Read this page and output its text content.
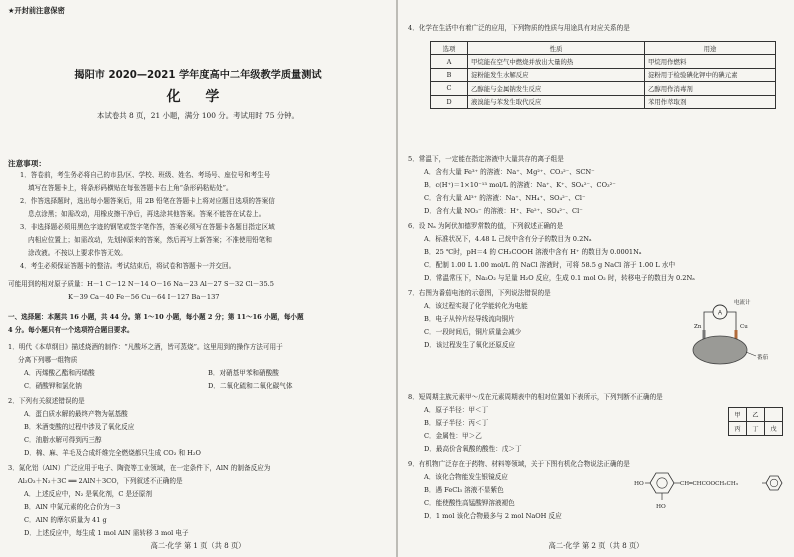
★开封前注意保密
揭阳市 2020—2021 学年度高中二年级教学质量测试
化 学
本试卷共 8 页，21 小题，满分 100 分。考试用时 75 分钟。
注意事项：
1．答卷前，考生务必将自己的市县/区、学校、班级、姓名、考场号、座位号和考生号
填写在答题卡上，将条形码横贴在每张答题卡右上角“条形码粘贴处”。
2．作答选择题时，选出每小题答案后，用 2B 铅笔在答题卡上将对应题目选项的答案信
息点涂黑；如需改动，用橡皮擦干净后，再选涂其他答案。答案不能答在试卷上。
3．非选择题必须用黑色字迹的钢笔或签字笔作答，答案必须写在答题卡各题目指定区域
内相应位置上；如需改动，先划掉原来的答案，然后再写上新答案；不准使用铅笔和
涂改液。不按以上要求作答无效。
4．考生必须保证答题卡的整洁。考试结束后，将试卷和答题卡一并交回。
可能用到的相对原子质量：H－1 C－12 N－14 O－16 Na－23 Al－27 S－32 Cl－35.5
K－39 Ca－40 Fe－56 Cu－64 I－127 Ba－137
一、选择题：本题共 16 小题，共 44 分。第 1～10 小题，每小题 2 分；第 11～16 小题，每小题
4 分。每小题只有一个选项符合题目要求。
1．明代《本草纲目》描述烧酒的制作：“凡酸坏之酒，皆可蒸烧”。这里用到的操作方法可用于
分离下列哪一组物质
A．丙烯酸乙酯和丙烯酸	B．对硝基甲苯和硝酸酸
C．硝酸钾和氯化钠	D．二氧化硫和二氧化碳气体
2．下列有关叙述错误的是
A．蛋白质水解的最终产物为氨基酸
B．米酒变酸的过程中涉及了氧化反应
C．油脂水解可得到丙三醇
D．棉、麻、羊毛及合成纤维完全燃烧都只生成 CO₂ 和 H₂O
3．氮化铝（AlN）广泛应用于电子、陶瓷等工业领域，在一定条件下，AlN 的制备反应为
Al₂O₃＋N₂＋3C ══ 2AlN＋3CO，下列叙述不正确的是
A．上述反应中，N₂ 是氧化剂，C 是还原剂
B．AlN 中氮元素的化合价为－3
C．AlN 的摩尔质量为 41 g
D．上述反应中，每生成 1 mol AlN 需转移 3 mol 电子
高二·化学 第 1 页（共 8 页）
4．化学在生活中有着广泛的应用，下列物质的性质与用途具有对应关系的是
选项	性质	用途
A	甲烷能在空气中燃烧并放出大量的热	甲烷用作燃料
B	淀粉能发生水解反应	淀粉用于检验碘化钾中的碘元素
C	乙醇能与金属钠发生反应	乙醇用作消毒剂
D	液溴能与苯发生取代反应	苯用作萃取剂
5．常温下，一定能在指定溶液中大量共存的离子组是
A．含有大量 Fe³⁺ 的溶液：Na⁺、Mg²⁺、CO₃²⁻、SCN⁻
B．c(H⁺)＝1×10⁻¹³ mol/L 的溶液：Na⁺、K⁺、SO₄²⁻、CO₃²⁻
C．含有大量 Al³⁺ 的溶液：Na⁺、NH₄⁺、SO₄²⁻、Cl⁻
D．含有大量 NO₃⁻ 的溶液：H⁺、Fe²⁺、SO₄²⁻、Cl⁻
6．设 Nₐ 为阿伏加德罗常数的值，下列叙述正确的是
A．标准状况下，4.48 L 己烷中含有分子的数目为 0.2Nₐ
B．25 ℃时，pH＝4 的 CH₃COOH 溶液中含有 H⁺ 的数目为 0.0001Nₐ
C．配制 1.00 L 1.00 mol/L 的 NaCl 溶液时，可将 58.5 g NaCl 溶于 1.00 L 水中
D．常温常压下，Na₂O₂ 与足量 H₂O 反应，生成 0.1 mol O₂ 时，转移电子的数目为 0.2Nₐ
7．右图为番茄电池的示意图，下列说法错误的是
A．该过程实现了化学能转化为电能
B．电子从锌片经导线流向铜片
C．一段时间后，铜片质量会减少
D．该过程发生了氧化还原反应
A
电流计
Zn	Cu
番茄
8．短周期主族元素甲～戊在元素周期表中的相对位置如下表所示，下列判断不正确的是
A．原子半径：甲＜丁
B．原子半径：丙＜丁
C．金属性：甲＞乙
D．最高价含氧酸的酸性：戊＞丁
甲	乙	
丙	丁	戊
9．有机物广泛存在于药物、材料等领域，关于下图有机化合物说法正确的是
A．该化合物能发生银镜反应
B．遇 FeCl₃ 溶液不显紫色
C．能使酸性高锰酸钾溶液褪色
D．1 mol 该化合物最多与 2 mol NaOH 反应
HO
HO
CH═CHCOOCH₂CH₃
高二·化学 第 2 页（共 8 页）
